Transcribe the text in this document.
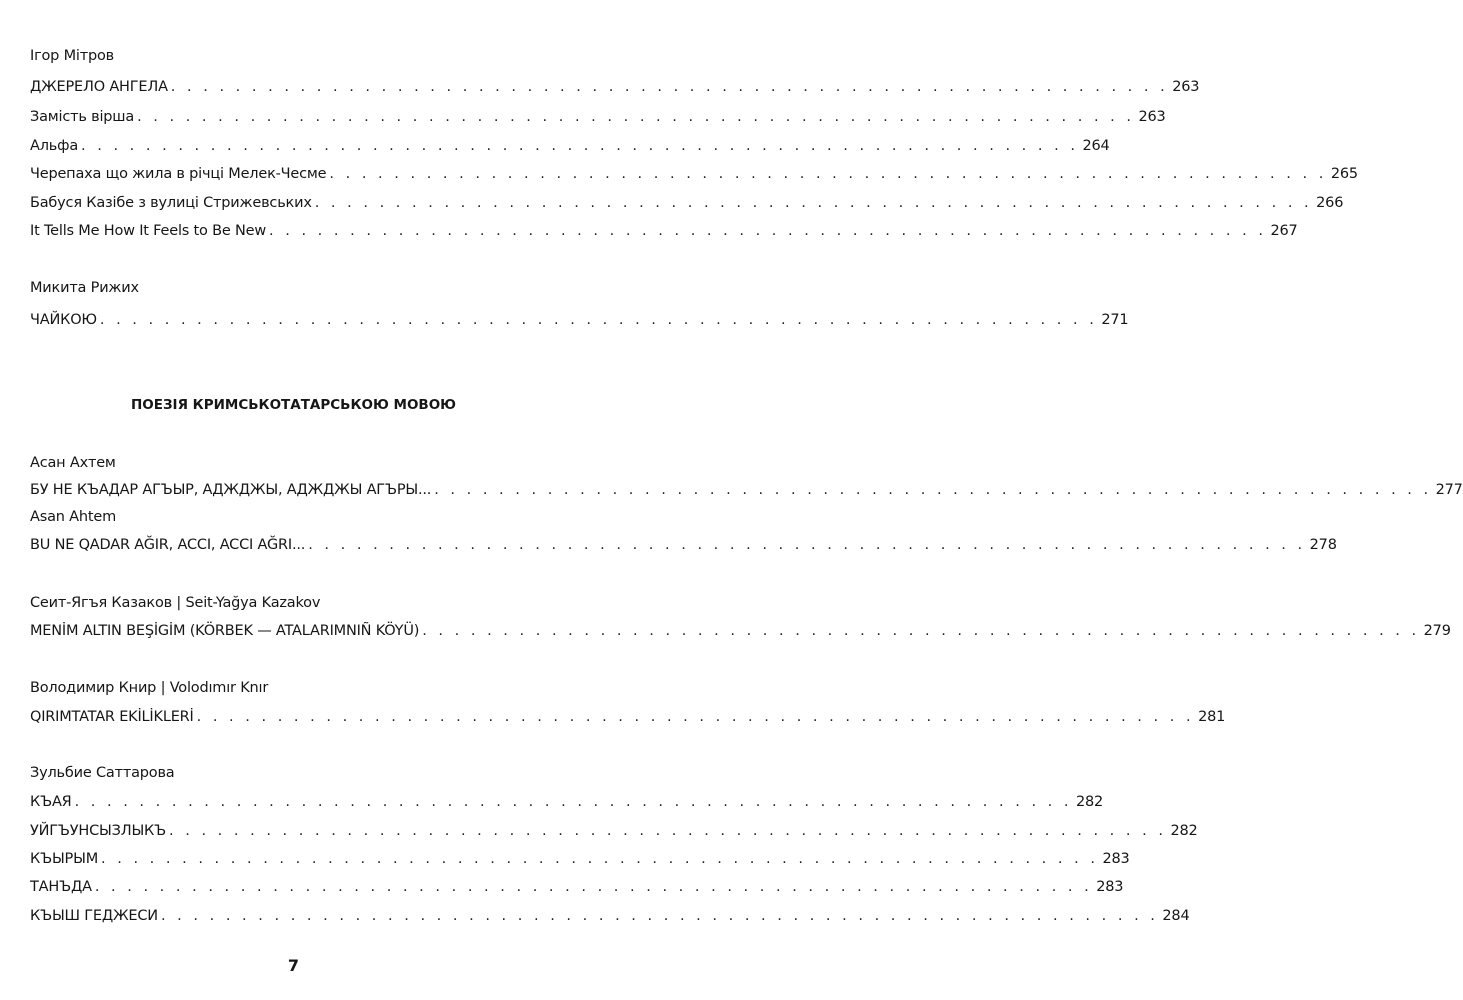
Ігор Мітров
ДЖЕРЕЛО АНГЕЛА . . . . . . . . . . . . . . . . . . . . . . . . . . . . . . . . . . . . . . . . . . . . . . . . . . . . . . . . . . . . . . 263
Замість вірша . . . . . . . . . . . . . . . . . . . . . . . . . . . . . . . . . . . . . . . . . . . . . . . . . . . . . . . . . . . . . . 263
Альфа . . . . . . . . . . . . . . . . . . . . . . . . . . . . . . . . . . . . . . . . . . . . . . . . . . . . . . . . . . . . . . 264
Черепаха що жила в річці Мелек-Чесме . . . . . . . . . . . . . . . . . . . . . . . . . . . . . . . . . . . . . . . . . . . . . . . . . . . . . . . . . . . . . . 265
Бабуся Казібе з вулиці Стрижевських . . . . . . . . . . . . . . . . . . . . . . . . . . . . . . . . . . . . . . . . . . . . . . . . . . . . . . . . . . . . . . 266
It Tells Me How It Feels to Be New . . . . . . . . . . . . . . . . . . . . . . . . . . . . . . . . . . . . . . . . . . . . . . . . . . . . . . . . . . . . . . 267
Микита Рижих
ЧАЙКОЮ . . . . . . . . . . . . . . . . . . . . . . . . . . . . . . . . . . . . . . . . . . . . . . . . . . . . . . . . . . . . . . 271
ПОЕЗІЯ КРИМСЬКОТАТАРСЬКОЮ МОВОЮ
Асан Ахтем
БУ НЕ КЪАДАР АГЪЫР, АДЖДЖЫ, АДЖДЖЫ АГЪРЫ... . . . . . . . . . . . . . . . . . . . . . . . . . . . . . . . . . . . . . . . . . . . . . . . . . . . . . . . . . . . . . . 277
Asan Ahtem
BU NE QADAR AĞIR, ACCI, ACCI AĞRI... . . . . . . . . . . . . . . . . . . . . . . . . . . . . . . . . . . . . . . . . . . . . . . . . . . . . . . . . . . . . . . 278
Сеит-Ягъя Казаков | Seit-Yağya Kazakov
MENİM ALTIN BEŞİGİM (KÖRBEK — ATALARIMNIÑ KÖYÜ) . . . . . . . . . . . . . . . . . . . . . . . . . . . . . . . . . . . . . . . . . . . . . . . . . . . . . . . . . . . . . . 279
Володимир Книр | Volodımır Knır
QIRIMTATAR EKİLİKLERİ . . . . . . . . . . . . . . . . . . . . . . . . . . . . . . . . . . . . . . . . . . . . . . . . . . . . . . . . . . . . . . 281
Зульбие Саттарова
КЪАЯ . . . . . . . . . . . . . . . . . . . . . . . . . . . . . . . . . . . . . . . . . . . . . . . . . . . . . . . . . . . . . . 282
УЙГЪУНСЫЗЛЫКЪ . . . . . . . . . . . . . . . . . . . . . . . . . . . . . . . . . . . . . . . . . . . . . . . . . . . . . . . . . . . . . . 282
КЪЫРЫМ . . . . . . . . . . . . . . . . . . . . . . . . . . . . . . . . . . . . . . . . . . . . . . . . . . . . . . . . . . . . . . 283
ТАНЪДА . . . . . . . . . . . . . . . . . . . . . . . . . . . . . . . . . . . . . . . . . . . . . . . . . . . . . . . . . . . . . . 283
КЪЫШ ГЕДЖЕСИ . . . . . . . . . . . . . . . . . . . . . . . . . . . . . . . . . . . . . . . . . . . . . . . . . . . . . . . . . . . . . . 284
7
